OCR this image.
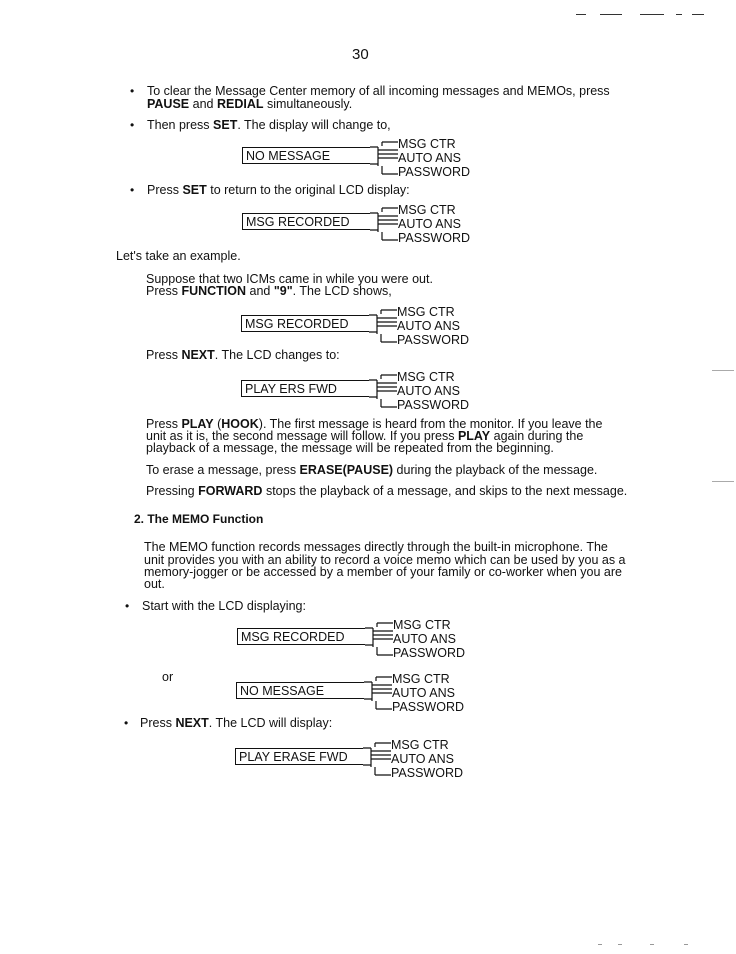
30
• To clear the Message Center memory of all incoming messages and MEMOs, press
PAUSE and REDIAL simultaneously.
• Then press SET. The display will change to,
NO MESSAGE
MSG CTR
AUTO ANS
PASSWORD
• Press SET to return to the original LCD display:
MSG RECORDED
MSG CTR
AUTO ANS
PASSWORD
Let's take an example.
Suppose that two ICMs came in while you were out.
Press FUNCTION and "9". The LCD shows,
MSG RECORDED
MSG CTR
AUTO ANS
PASSWORD
Press NEXT. The LCD changes to:
PLAY ERS FWD
MSG CTR
AUTO ANS
PASSWORD
Press PLAY (HOOK). The first message is heard from the monitor. If you leave the
unit as it is, the second message will follow. If you press PLAY again during the
playback of a message, the message will be repeated from the beginning.
To erase a message, press ERASE(PAUSE) during the playback of the message.
Pressing FORWARD stops the playback of a message, and skips to the next message.
2. The MEMO Function
The MEMO function records messages directly through the built-in microphone. The
unit provides you with an ability to record a voice memo which can be used by you as a
memory-jogger or be accessed by a member of your family or co-worker when you are
out.
• Start with the LCD displaying:
MSG RECORDED
MSG CTR
AUTO ANS
PASSWORD
or
NO MESSAGE
MSG CTR
AUTO ANS
PASSWORD
• Press NEXT. The LCD will display:
PLAY ERASE FWD
MSG CTR
AUTO ANS
PASSWORD
